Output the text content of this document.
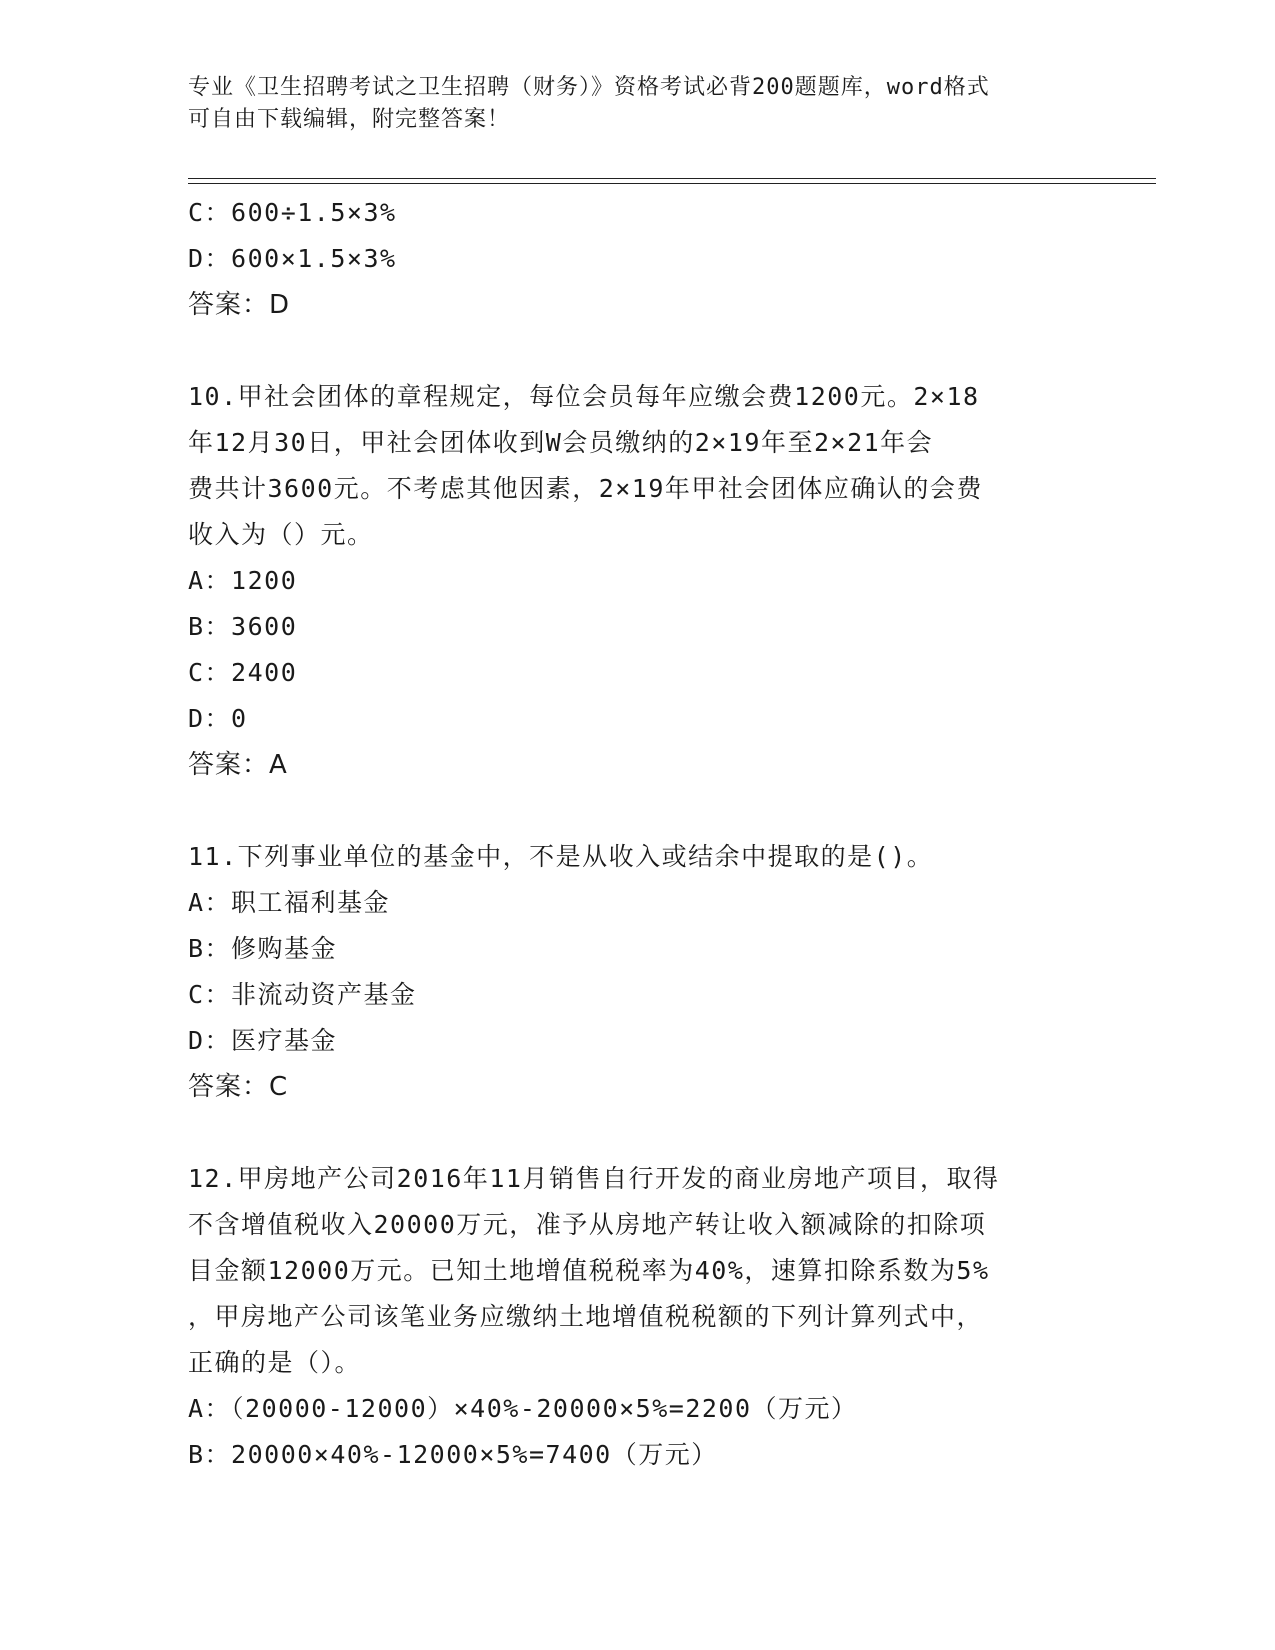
专业《卫生招聘考试之卫生招聘（财务）》资格考试必背200题题库，word格式
可自由下载编辑，附完整答案！
C：600÷1.5×3%
D：600×1.5×3%
答案：D
10.甲社会团体的章程规定，每位会员每年应缴会费1200元。2×18
年12月30日，甲社会团体收到W会员缴纳的2×19年至2×21年会
费共计3600元。不考虑其他因素，2×19年甲社会团体应确认的会费
收入为（）元。
A：1200
B：3600
C：2400
D：0
答案：A
11.下列事业单位的基金中，不是从收入或结余中提取的是()。
A：职工福利基金
B：修购基金
C：非流动资产基金
D：医疗基金
答案：C
12.甲房地产公司2016年11月销售自行开发的商业房地产项目，取得
不含增值税收入20000万元，准予从房地产转让收入额减除的扣除项
目金额12000万元。已知土地增值税税率为40%，速算扣除系数为5%
，甲房地产公司该笔业务应缴纳土地增值税税额的下列计算列式中，
正确的是（）。
A：（20000-12000）×40%-20000×5%=2200（万元）
B：20000×40%-12000×5%=7400（万元）
